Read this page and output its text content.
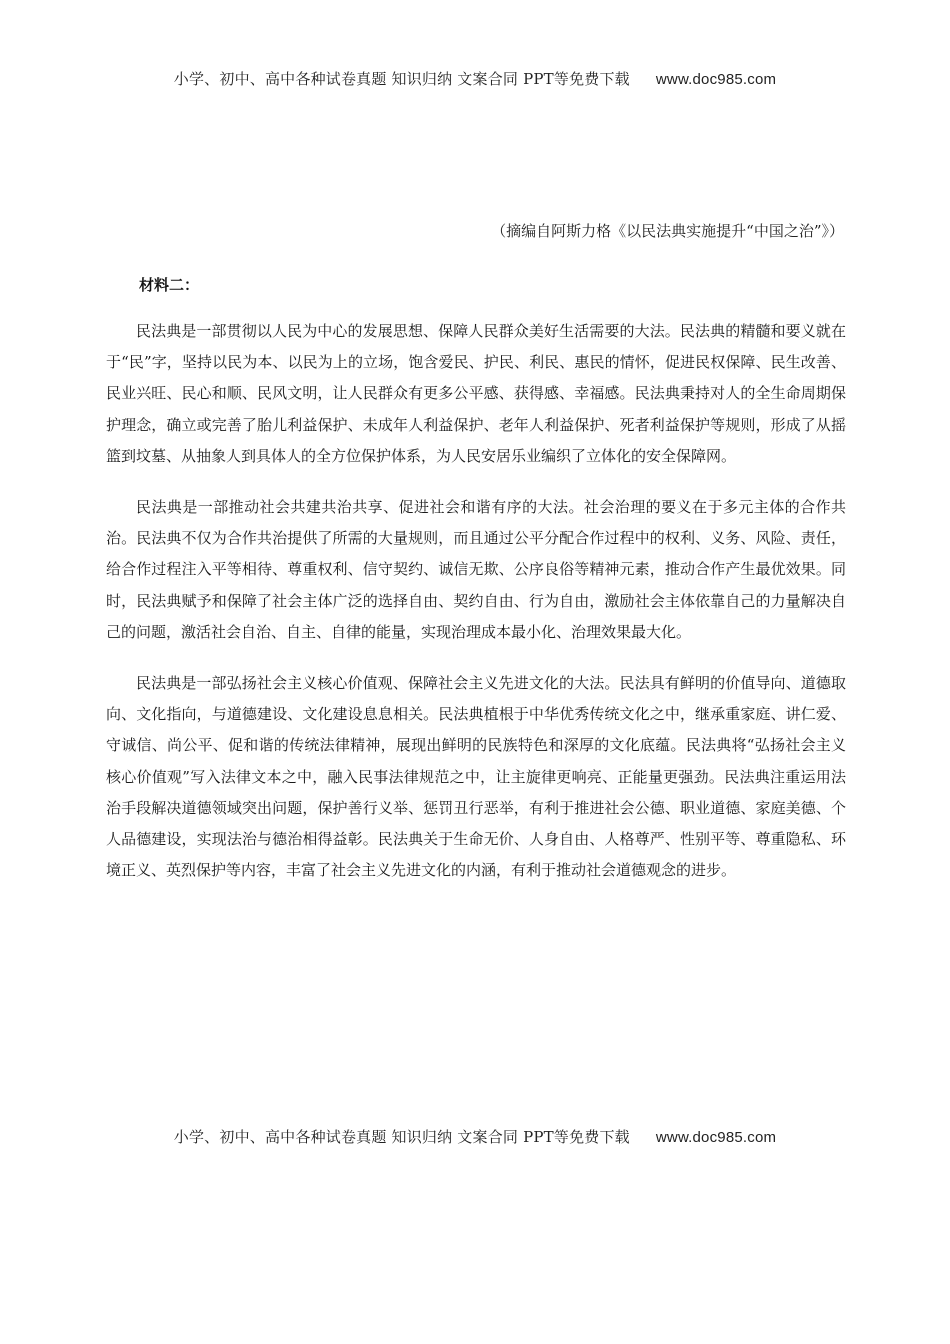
小学、初中、高中各种试卷真题 知识归纳 文案合同 PPT等免费下载 www.doc985.com
（摘编自阿斯力格《以民法典实施提升“中国之治”》）
材料二：

民法典是一部贯彻以人民为中心的发展思想、保障人民群众美好生活需要的大法。民法典的精髓和要义就在于“民”字，坚持以民为本、以民为上的立场，饱含爱民、护民、利民、惠民的情怀，促进民权保障、民生改善、民业兴旺、民心和顺、民风文明，让人民群众有更多公平感、获得感、幸福感。民法典秉持对人的全生命周期保护理念，确立或完善了胎儿利益保护、未成年人利益保护、老年人利益保护、死者利益保护等规则，形成了从摇篮到坟墓、从抽象人到具体人的全方位保护体系，为人民安居乐业编织了立体化的安全保障网。

民法典是一部推动社会共建共治共享、促进社会和谐有序的大法。社会治理的要义在于多元主体的合作共治。民法典不仅为合作共治提供了所需的大量规则，而且通过公平分配合作过程中的权利、义务、风险、责任，给合作过程注入平等相待、尊重权利、信守契约、诚信无欺、公序良俗等精神元素，推动合作产生最优效果。同时，民法典赋予和保障了社会主体广泛的选择自由、契约自由、行为自由，激励社会主体依靠自己的力量解决自己的问题，激活社会自治、自主、自律的能量，实现治理成本最小化、治理效果最大化。

民法典是一部弘扬社会主义核心价值观、保障社会主义先进文化的大法。民法具有鲜明的价值导向、道德取向、文化指向，与道德建设、文化建设息息相关。民法典植根于中华优秀传统文化之中，继承重家庭、讲仁爱、守诚信、尚公平、促和谐的传统法律精神，展现出鲜明的民族特色和深厚的文化底蕴。民法典将“弘扬社会主义核心价值观”写入法律文本之中，融入民事法律规范之中，让主旋律更响亮、正能量更强劲。民法典注重运用法治手段解决道德领域突出问题，保护善行义举、惩罚丑行恶举，有利于推进社会公德、职业道德、家庭美德、个人品德建设，实现法治与德治相得益彰。民法典关于生命无价、人身自由、人格尊严、性别平等、尊重隐私、环境正义、英烈保护等内容，丰富了社会主义先进文化的内涵，有利于推动社会道德观念的进步。

小学、初中、高中各种试卷真题 知识归纳 文案合同 PPT等免费下载 www.doc985.com
